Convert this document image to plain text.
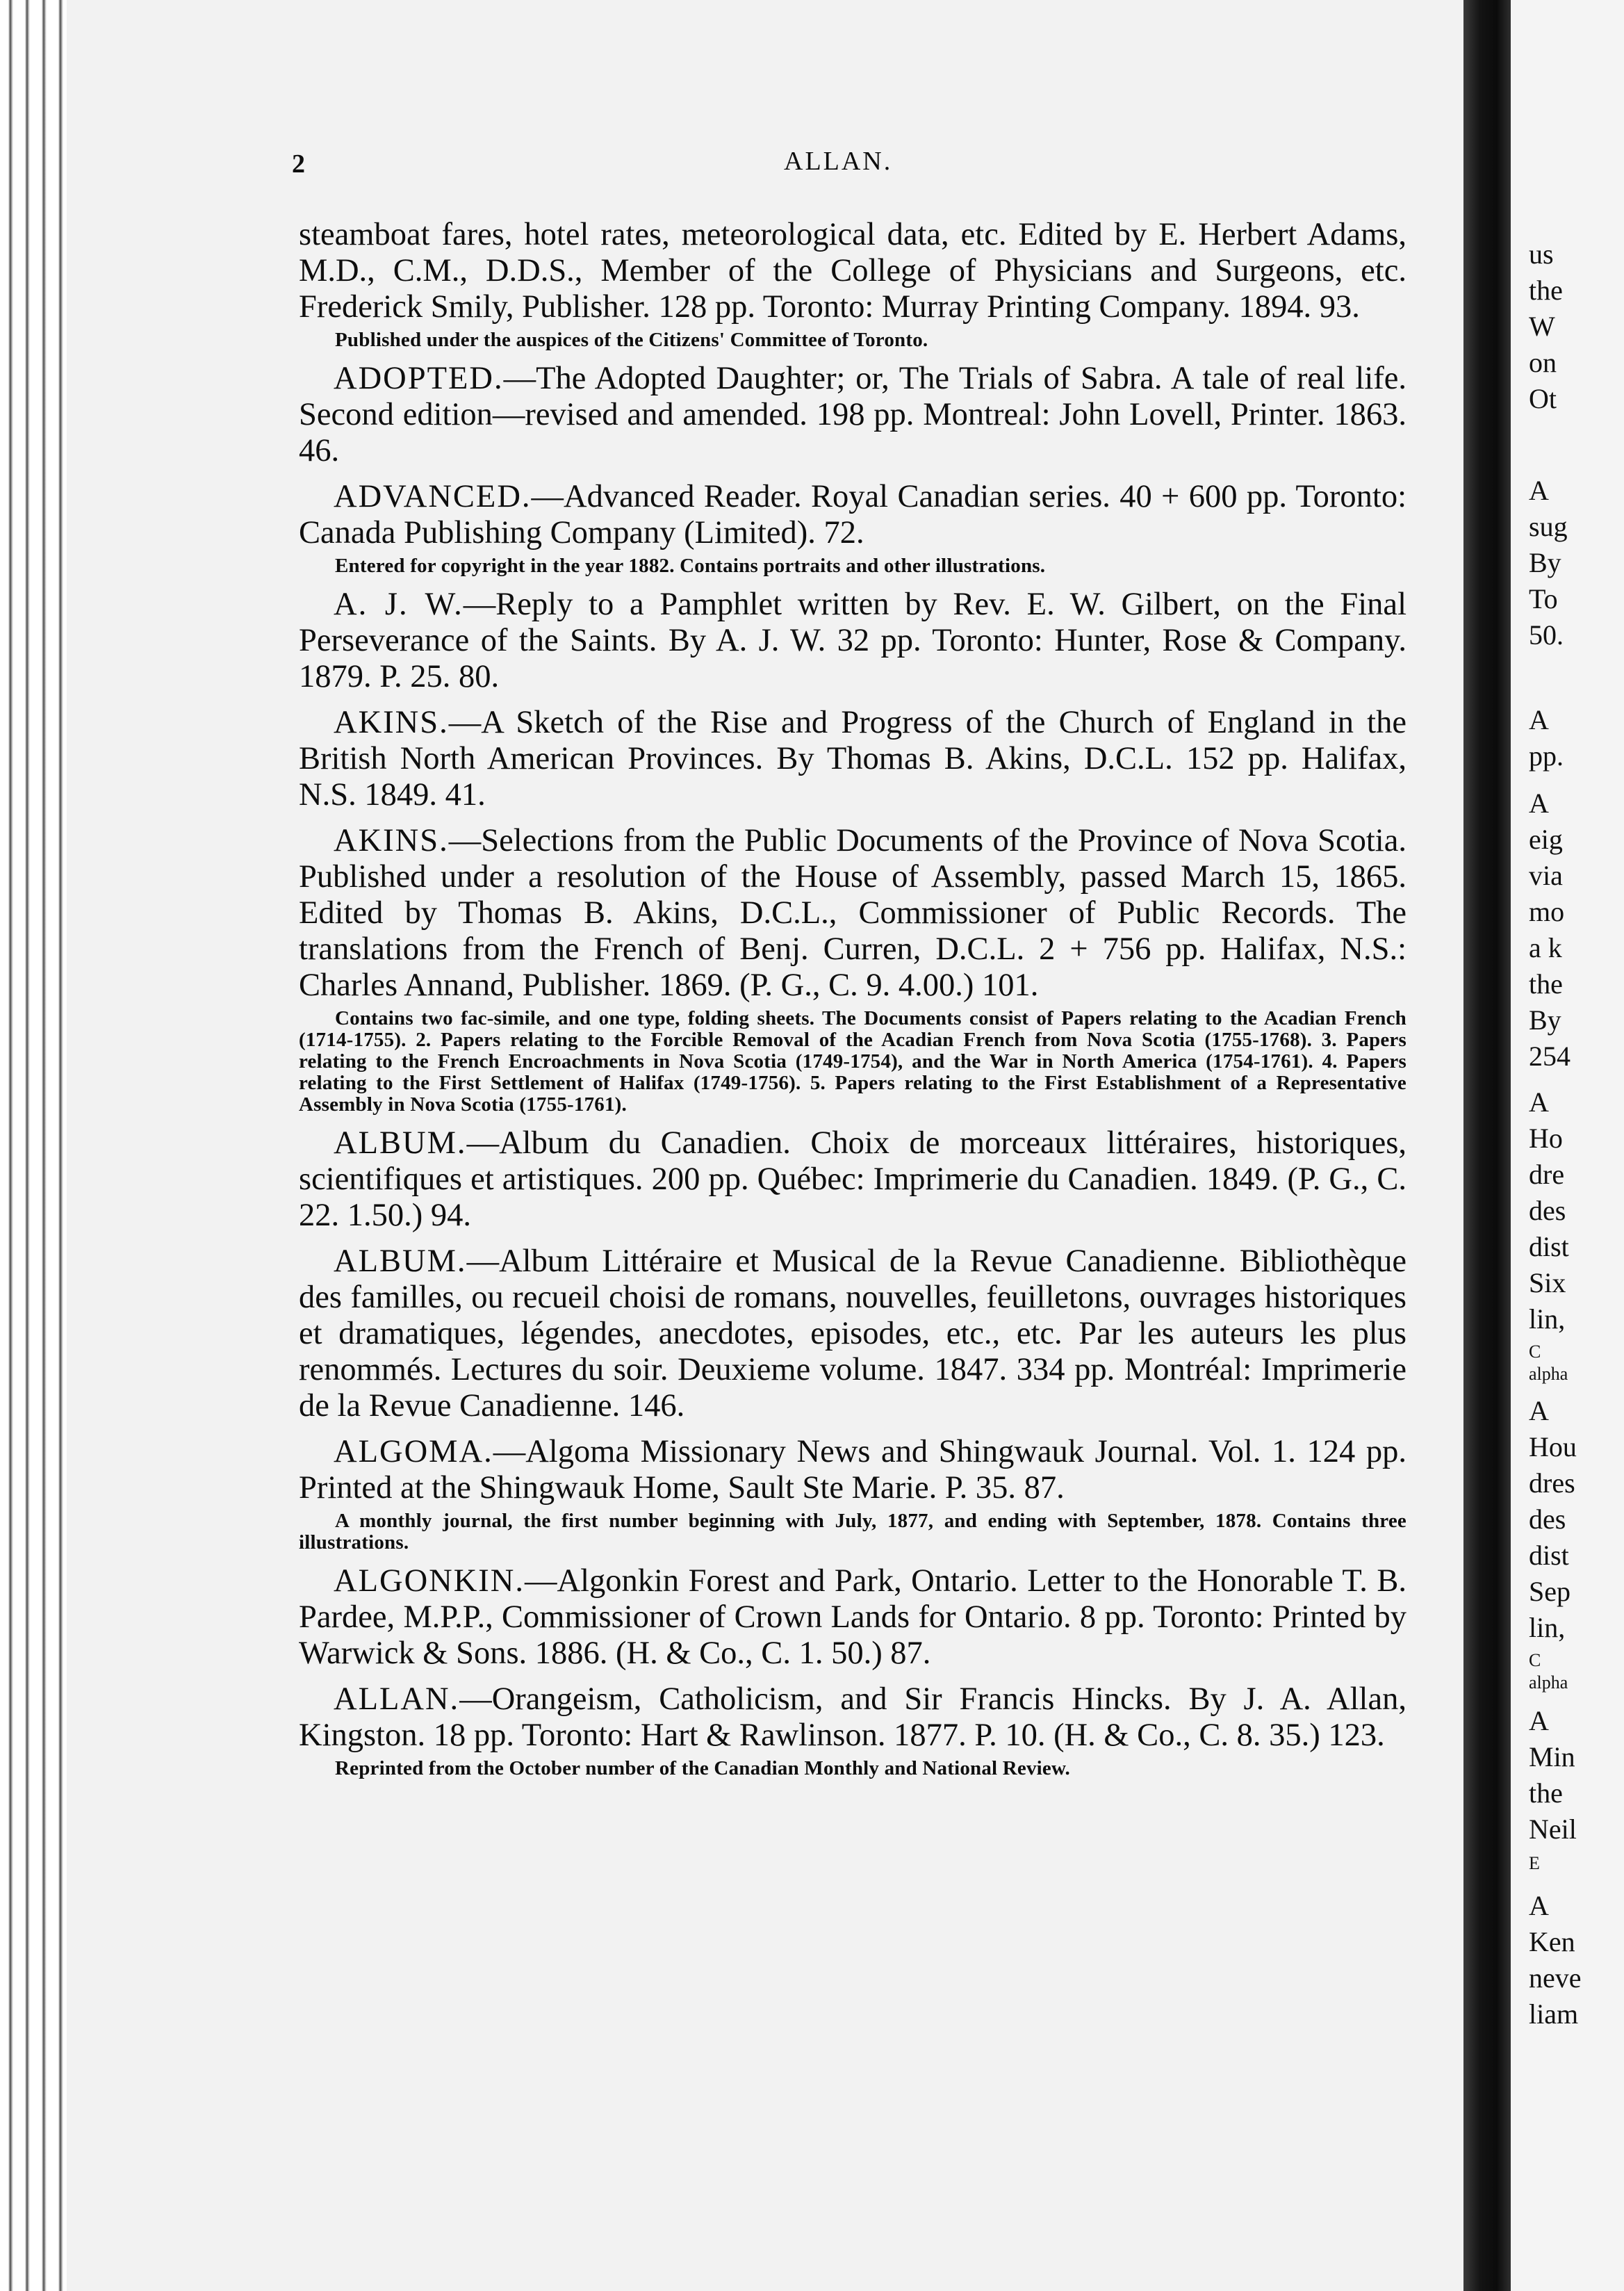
us
the
W
on
Ot
A
sug
By
To
50.
A
pp.
A
eig
via
mo
a k
the
By
254
A
Ho
dre
des
dist
Six
lin,
C
alpha
A
Hou
dres
des
dist
Sep
lin,
C
alpha
A
Min
the
Neil
E
A
Ken
neve
liam
2	ALLAN.

steamboat fares, hotel rates, meteorological data, etc. Edited by E. Herbert Adams, M.D., C.M., D.D.S., Member of the College of Physicians and Surgeons, etc. Frederick Smily, Publisher. 128 pp. Toronto: Murray Printing Company. 1894. 93.

Published under the auspices of the Citizens' Committee of Toronto.

ADOPTED.—The Adopted Daughter; or, The Trials of Sabra. A tale of real life. Second edition—revised and amended. 198 pp. Montreal: John Lovell, Printer. 1863. 46.

ADVANCED.—Advanced Reader. Royal Canadian series. 40 + 600 pp. Toronto: Canada Publishing Company (Limited). 72.

Entered for copyright in the year 1882. Contains portraits and other illustrations.

A. J. W.—Reply to a Pamphlet written by Rev. E. W. Gilbert, on the Final Perseverance of the Saints. By A. J. W. 32 pp. Toronto: Hunter, Rose & Company. 1879. P. 25. 80.

AKINS.—A Sketch of the Rise and Progress of the Church of England in the British North American Provinces. By Thomas B. Akins, D.C.L. 152 pp. Halifax, N.S. 1849. 41.

AKINS.—Selections from the Public Documents of the Province of Nova Scotia. Published under a resolution of the House of Assembly, passed March 15, 1865. Edited by Thomas B. Akins, D.C.L., Commissioner of Public Records. The translations from the French of Benj. Curren, D.C.L. 2 + 756 pp. Halifax, N.S.: Charles Annand, Publisher. 1869. (P. G., C. 9. 4.00.) 101.

Contains two fac-simile, and one type, folding sheets. The Documents consist of Papers relating to the Acadian French (1714-1755). 2. Papers relating to the Forcible Removal of the Acadian French from Nova Scotia (1755-1768). 3. Papers relating to the French Encroachments in Nova Scotia (1749-1754), and the War in North America (1754-1761). 4. Papers relating to the First Settlement of Halifax (1749-1756). 5. Papers relating to the First Establishment of a Representative Assembly in Nova Scotia (1755-1761).

ALBUM.—Album du Canadien. Choix de morceaux littéraires, historiques, scientifiques et artistiques. 200 pp. Québec: Imprimerie du Canadien. 1849. (P. G., C. 22. 1.50.) 94.

ALBUM.—Album Littéraire et Musical de la Revue Canadienne. Bibliothèque des familles, ou recueil choisi de romans, nouvelles, feuilletons, ouvrages historiques et dramatiques, légendes, anecdotes, episodes, etc., etc. Par les auteurs les plus renommés. Lectures du soir. Deuxieme volume. 1847. 334 pp. Montréal: Imprimerie de la Revue Canadienne. 146.

ALGOMA.—Algoma Missionary News and Shingwauk Journal. Vol. 1. 124 pp. Printed at the Shingwauk Home, Sault Ste Marie. P. 35. 87.

A monthly journal, the first number beginning with July, 1877, and ending with September, 1878. Contains three illustrations.

ALGONKIN.—Algonkin Forest and Park, Ontario. Letter to the Honorable T. B. Pardee, M.P.P., Commissioner of Crown Lands for Ontario. 8 pp. Toronto: Printed by Warwick & Sons. 1886. (H. & Co., C. 1. 50.) 87.

ALLAN.—Orangeism, Catholicism, and Sir Francis Hincks. By J. A. Allan, Kingston. 18 pp. Toronto: Hart & Rawlinson. 1877. P. 10. (H. & Co., C. 8. 35.) 123.

Reprinted from the October number of the Canadian Monthly and National Review.
